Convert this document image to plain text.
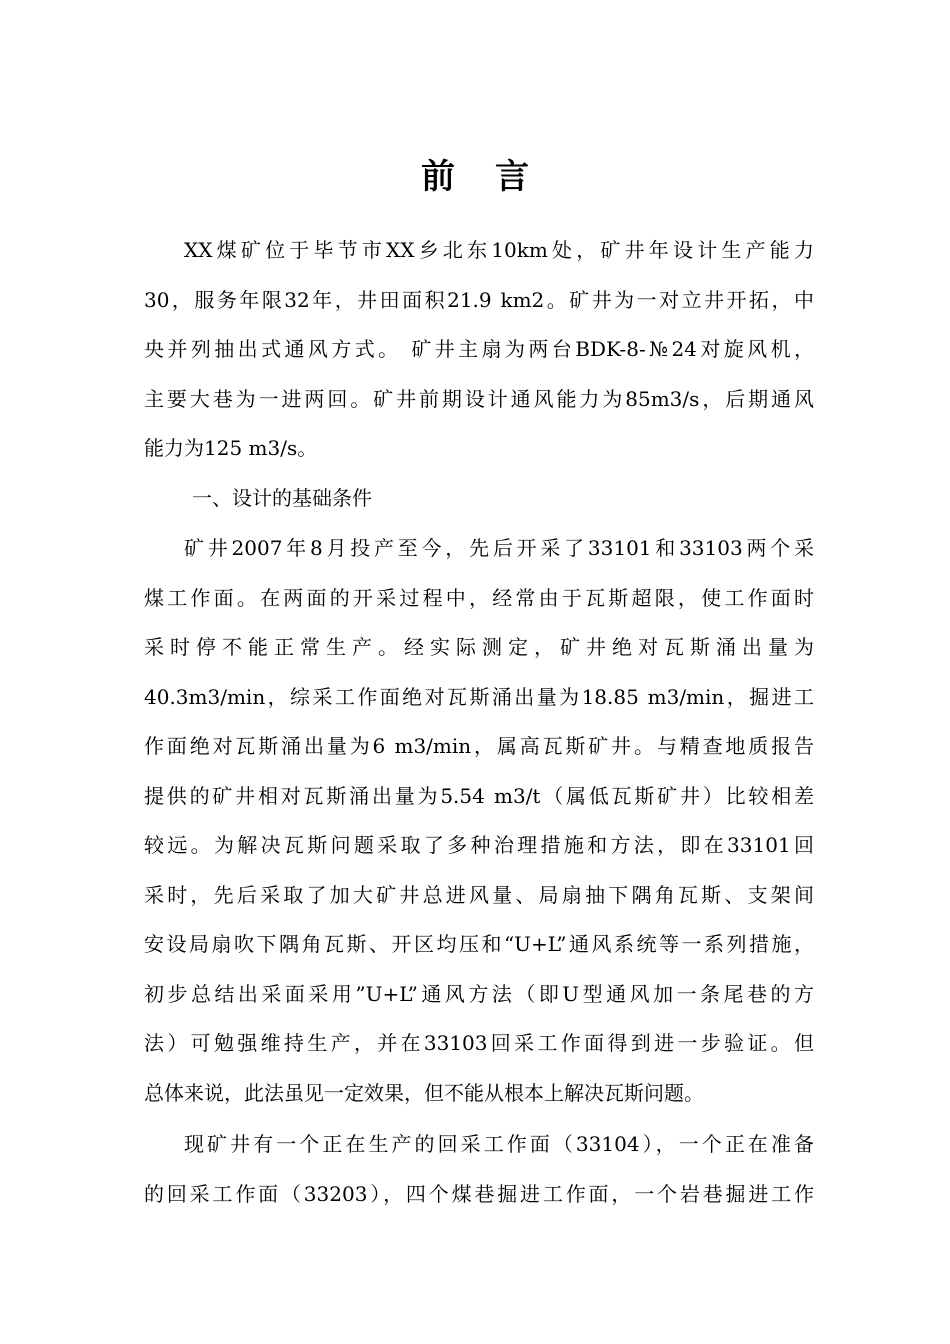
前言
XX煤矿位于毕节市XX乡北东10km处，矿井年设计生产能力
30，服务年限32年，井田面积21.9 km2。矿井为一对立井开拓，中
央并列抽出式通风方式。 矿井主扇为两台BDK-8-№24对旋风机，
主要大巷为一进两回。矿井前期设计通风能力为85m3/s，后期通风
能力为125 m3/s。
一、设计的基础条件
矿井2007年8月投产至今，先后开采了33101和33103两个采
煤工作面。在两面的开采过程中，经常由于瓦斯超限，使工作面时
采时停不能正常生产。经实际测定，矿井绝对瓦斯涌出量为
40.3m3/min，综采工作面绝对瓦斯涌出量为18.85 m3/min，掘进工
作面绝对瓦斯涌出量为6 m3/min，属高瓦斯矿井。与精查地质报告
提供的矿井相对瓦斯涌出量为5.54 m3/t（属低瓦斯矿井）比较相差
较远。为解决瓦斯问题采取了多种治理措施和方法，即在33101回
采时，先后采取了加大矿井总进风量、局扇抽下隅角瓦斯、支架间
安设局扇吹下隅角瓦斯、开区均压和“U+L”通风系统等一系列措施，
初步总结出采面采用”U+L”通风方法（即U型通风加一条尾巷的方
法）可勉强维持生产，并在33103回采工作面得到进一步验证。但
总体来说，此法虽见一定效果，但不能从根本上解决瓦斯问题。
现矿井有一个正在生产的回采工作面（33104），一个正在准备
的回采工作面（33203），四个煤巷掘进工作面，一个岩巷掘进工作
